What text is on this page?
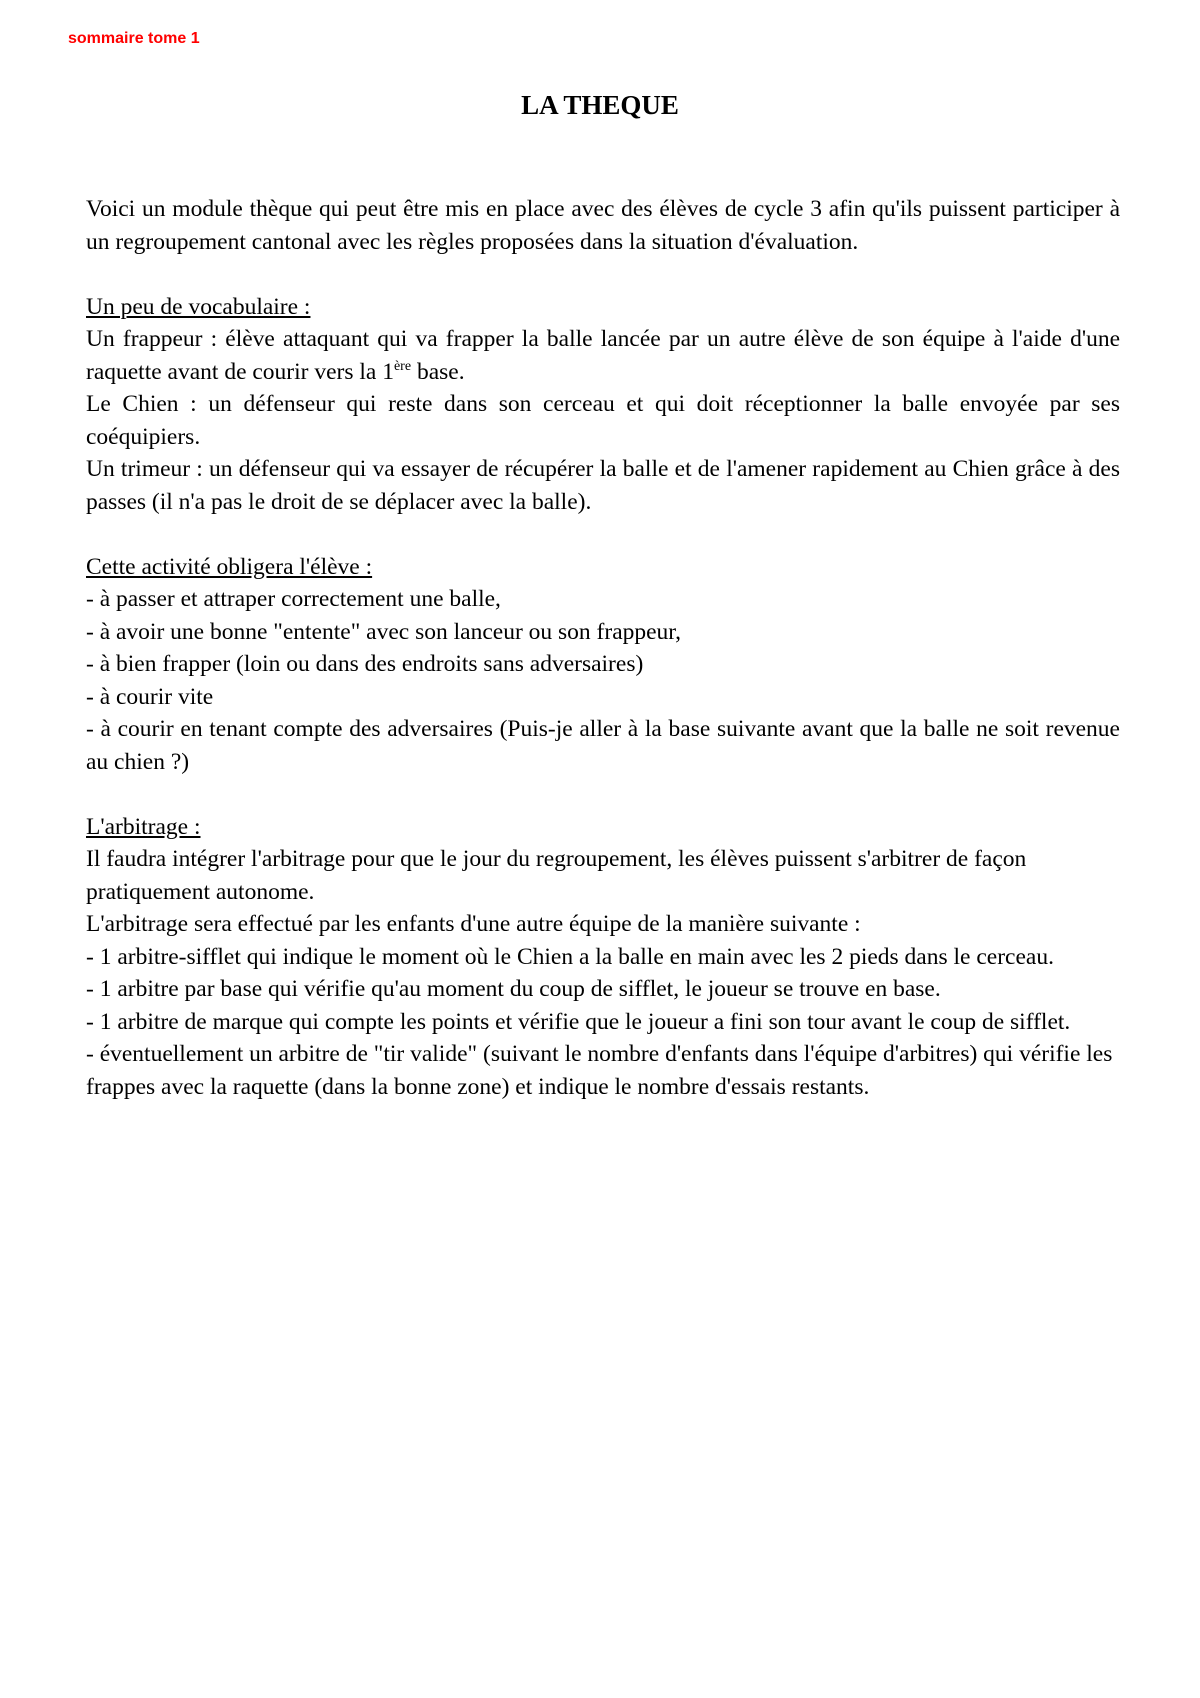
sommaire tome 1
LA THEQUE

Voici un module thèque qui peut être mis en place avec des élèves de cycle 3 afin qu'ils puissent participer à un regroupement cantonal avec les règles proposées dans la situation d'évaluation.

Un peu de vocabulaire :

Un frappeur : élève attaquant qui va frapper la balle lancée par un autre élève de son équipe à l'aide d'une raquette avant de courir vers la 1ère base.

Le Chien : un défenseur qui reste dans son cerceau et qui doit réceptionner la balle envoyée par ses coéquipiers.

Un trimeur : un défenseur qui va essayer de récupérer la balle et de l'amener rapidement au Chien grâce à des passes (il n'a pas le droit de se déplacer avec la balle).

Cette activité obligera l'élève :

- à passer et attraper correctement une balle,

- à avoir une bonne "entente" avec son lanceur ou son frappeur,

- à bien frapper (loin ou dans des endroits sans adversaires)

- à courir vite

- à courir en tenant compte des adversaires (Puis-je aller à la base suivante avant que la balle ne soit revenue au chien ?)

L'arbitrage :

Il faudra intégrer l'arbitrage pour que le jour du regroupement, les élèves puissent s'arbitrer de façon pratiquement autonome.

L'arbitrage sera effectué par les enfants d'une autre équipe de la manière suivante :

- 1 arbitre-sifflet qui indique le moment où le Chien a la balle en main avec les 2 pieds dans le cerceau.

- 1 arbitre par base qui vérifie qu'au moment du coup de sifflet, le joueur se trouve en base.

- 1 arbitre de marque qui compte les points et vérifie que le joueur a fini son tour avant le coup de sifflet.

- éventuellement un arbitre de "tir valide" (suivant le nombre d'enfants dans l'équipe d'arbitres) qui vérifie les frappes avec la raquette (dans la bonne zone) et indique le nombre d'essais restants.
